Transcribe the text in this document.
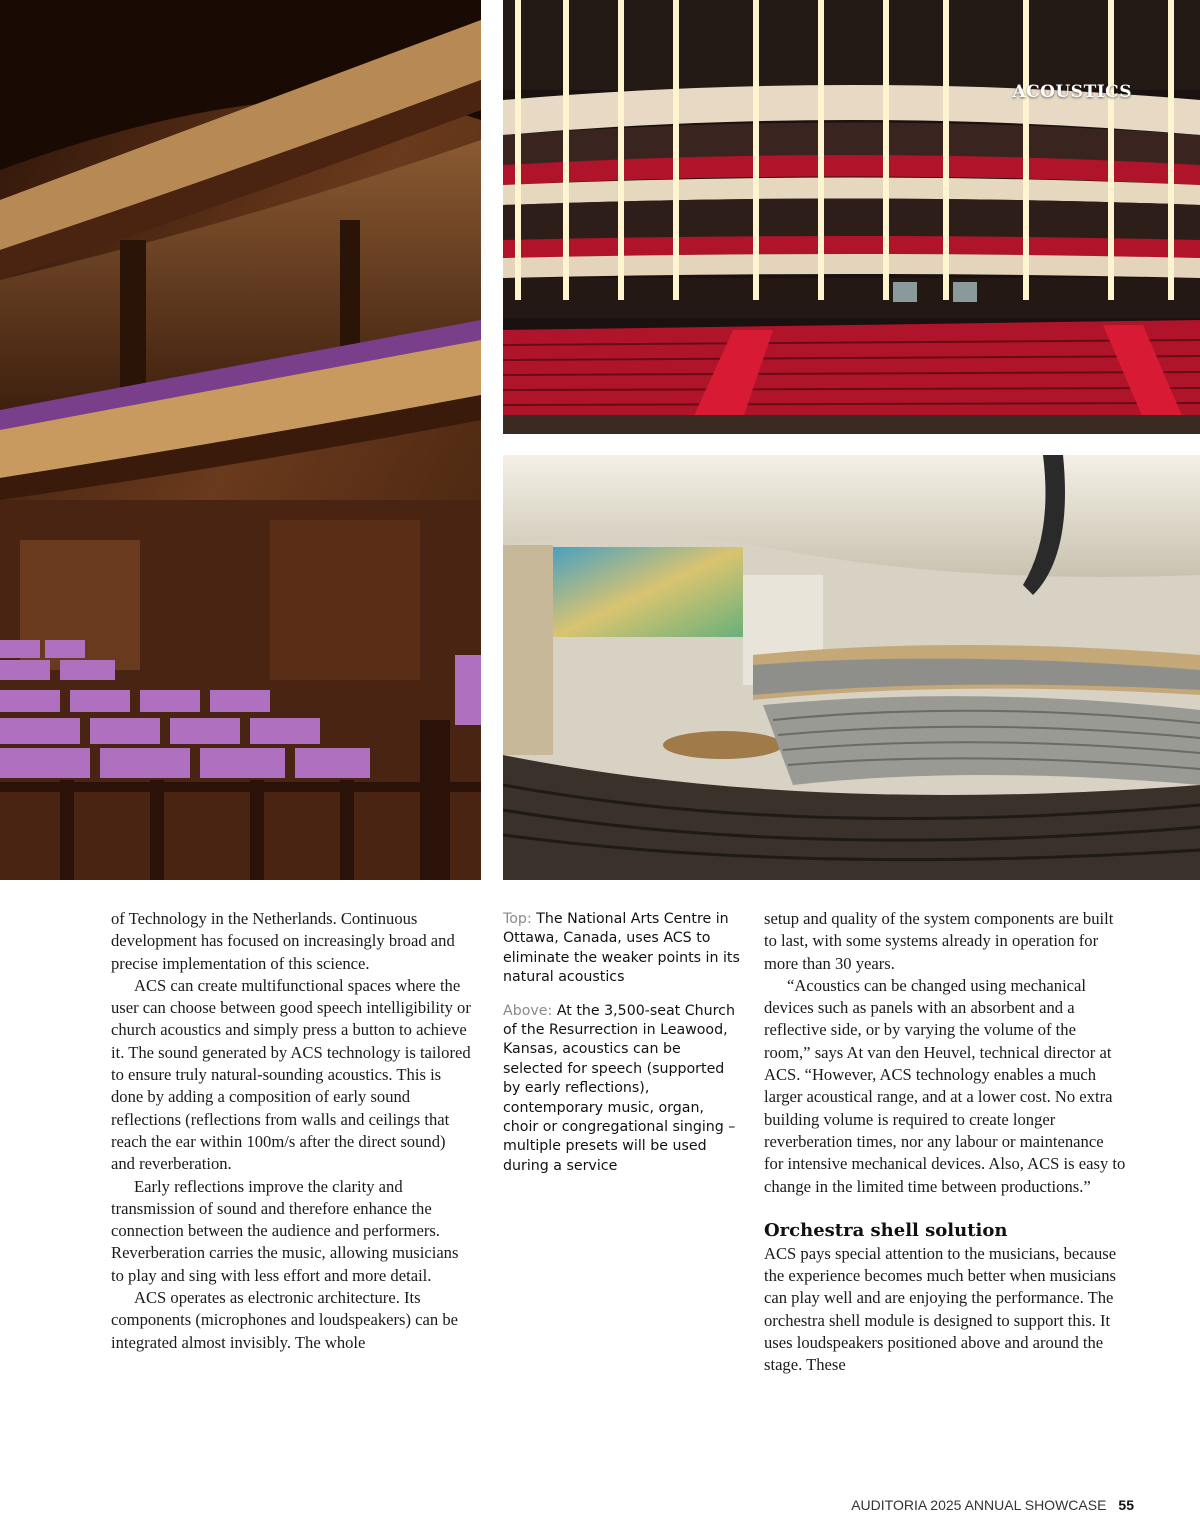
ACOUSTICS

of Technology in the Netherlands. Continuous development has focused on increasingly broad and precise implementation of this science.

ACS can create multifunctional spaces where the user can choose between good speech intelligibility or church acoustics and simply press a button to achieve it. The sound generated by ACS technology is tailored to ensure truly natural-sounding acoustics. This is done by adding a composition of early sound reflections (reflections from walls and ceilings that reach the ear within 100m/s after the direct sound) and reverberation.

Early reflections improve the clarity and transmission of sound and therefore enhance the connection between the audience and performers. Reverberation carries the music, allowing musicians to play and sing with less effort and more detail.

ACS operates as electronic architecture. Its components (microphones and loudspeakers) can be integrated almost invisibly. The whole

Top: The National Arts Centre in Ottawa, Canada, uses ACS to eliminate the weaker points in its natural acoustics

Above: At the 3,500-seat Church of the Resurrection in Leawood, Kansas, acoustics can be selected for speech (supported by early reflections), contemporary music, organ, choir or congregational singing – multiple presets will be used during a service

setup and quality of the system components are built to last, with some systems already in operation for more than 30 years.

“Acoustics can be changed using mechanical devices such as panels with an absorbent and a reflective side, or by varying the volume of the room,” says At van den Heuvel, technical director at ACS. “However, ACS technology enables a much larger acoustical range, and at a lower cost. No extra building volume is required to create longer reverberation times, nor any labour or maintenance for intensive mechanical devices. Also, ACS is easy to change in the limited time between productions.”

Orchestra shell solution

ACS pays special attention to the musicians, because the experience becomes much better when musicians can play well and are enjoying the performance. The orchestra shell module is designed to support this. It uses loudspeakers positioned above and around the stage. These

AUDITORIA 2025 ANNUAL SHOWCASE 55
